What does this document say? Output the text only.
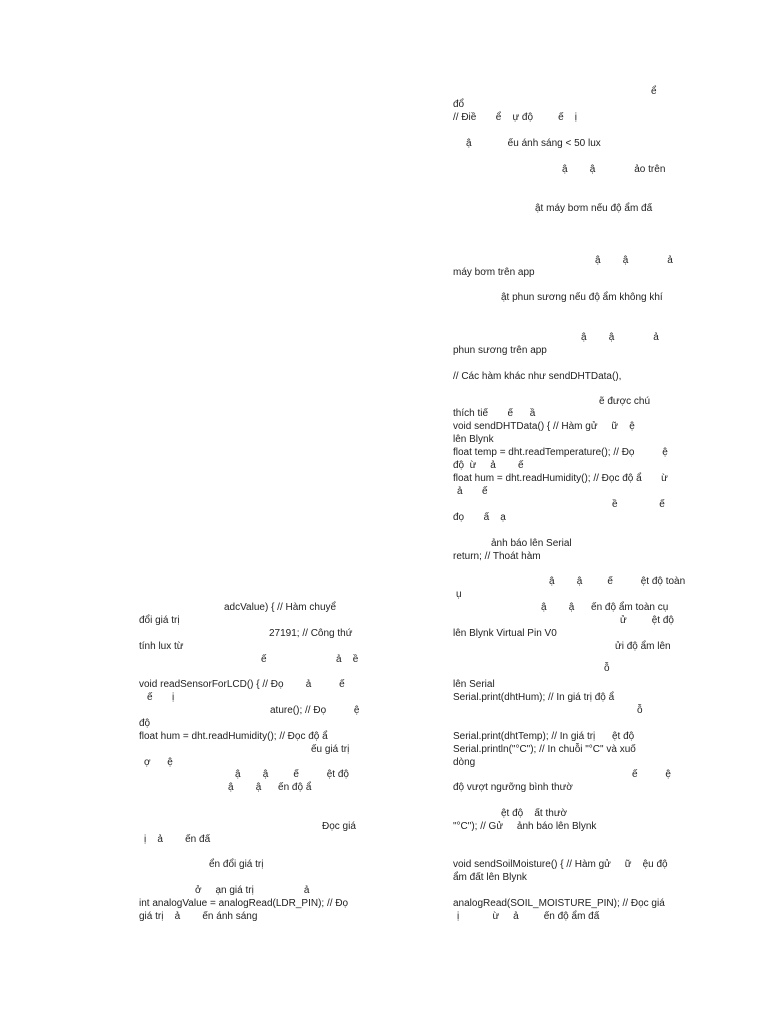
ể
đổ
// Điề       ể    ự độ         ế    ị
ậ             ếu ánh sáng < 50 lux
ậ        ậ              ảo trên
ật máy bơm nếu độ ẩm đấ
ậ        ậ              ả
máy bơm trên app
ật phun sương nếu độ ẩm không khí
ậ        ậ              ả
phun sương trên app
// Các hàm khác như sendDHTData(),
ẽ được chú
thích tiế       ế      ầ
void sendDHTData() { // Hàm gử     ữ    ệ
lên Blynk
float temp = dht.readTemperature(); // Đọ          ệ
độ  ừ     ả        ế
float hum = dht.readHumidity(); // Đọc độ ẩ       ừ
ả       ế
ề               ế
đọ       ấ    ạ
ảnh báo lên Serial
return; // Thoát hàm
ậ        ậ         ế          ệt độ toàn
ụ
ậ        ậ      ến độ ẩm toàn cụ
ử         ệt độ
lên Blynk Virtual Pin V0
ửi độ ẩm lên
ỗ
lên Serial
Serial.print(dhtHum); // In giá trị độ ẩ
ỗ
Serial.print(dhtTemp); // In giá trị      ệt độ
Serial.println("°C"); // In chuỗi "°C" và xuố
dòng
ế          ệ
độ vượt ngưỡng bình thườ
ệt độ    ất thườ
"°C"); // Gử     ảnh báo lên Blynk
void sendSoilMoisture() { // Hàm gử     ữ    ệu độ
ẩm đất lên Blynk
analogRead(SOIL_MOISTURE_PIN); // Đọc giá
ị            ừ     ả         ến độ ẩm đấ
adcValue) { // Hàm chuyể
đổi giá trị
27191; // Công thứ
tính lux từ
ế                         ả    ề
void readSensorForLCD() { // Đọ        ả          ế
ế       ị
ature(); // Đọ          ệ
độ
float hum = dht.readHumidity(); // Đọc độ ẩ
ếu giá trị
ợ      ệ
ậ        ậ         ế          ệt độ
ậ        ậ      ến độ ẩ
Đọc giá
ị    ả        ến đấ
ển đổi giá trị
ở     ạn giá trị                  ả
int analogValue = analogRead(LDR_PIN); // Đọ
giá trị    ả        ến ánh sáng
